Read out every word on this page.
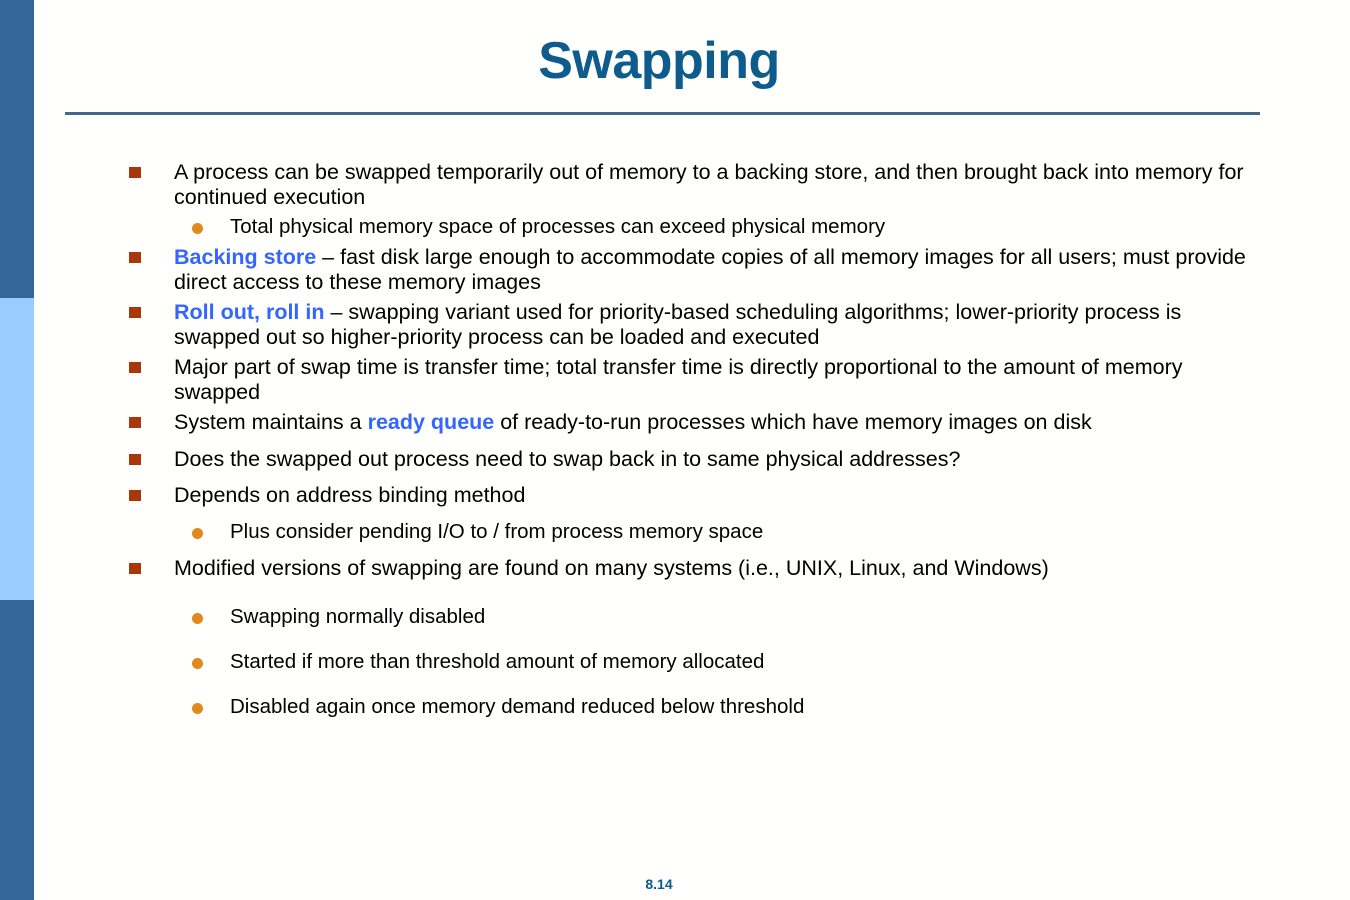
Swapping
A process can be swapped temporarily out of memory to a backing store, and then brought back into memory for continued execution
Total physical memory space of processes can exceed physical memory
Backing store – fast disk large enough to accommodate copies of all memory images for all users; must provide direct access to these memory images
Roll out, roll in – swapping variant used for priority-based scheduling algorithms; lower-priority process is swapped out so higher-priority process can be loaded and executed
Major part of swap time is transfer time; total transfer time is directly proportional to the amount of memory swapped
System maintains a ready queue of ready-to-run processes which have memory images on disk
Does the swapped out process need to swap back in to same physical addresses?
Depends on address binding method
Plus consider pending I/O to / from process memory space
Modified versions of swapping are found on many systems (i.e., UNIX, Linux, and Windows)
Swapping normally disabled
Started if more than threshold amount of memory allocated
Disabled again once memory demand reduced below threshold
8.14
